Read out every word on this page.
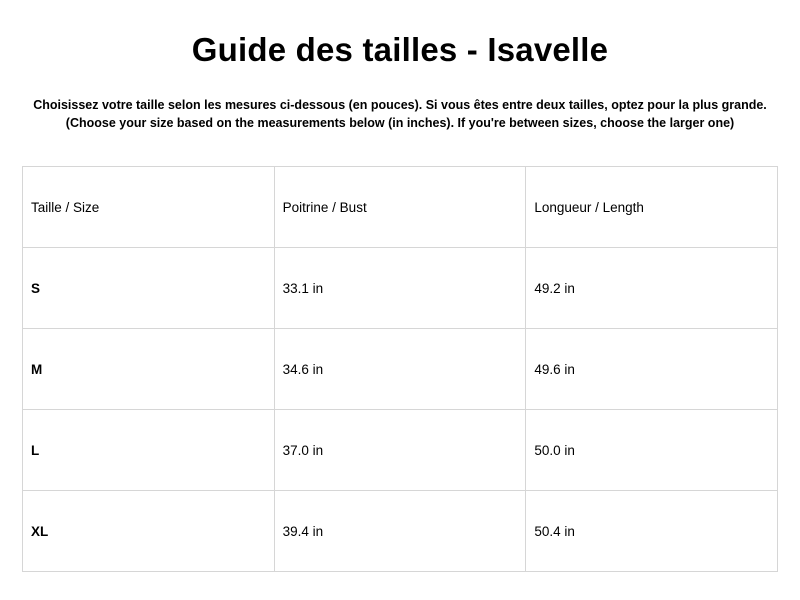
Guide des tailles - Isavelle
Choisissez votre taille selon les mesures ci-dessous (en pouces). Si vous êtes entre deux tailles, optez pour la plus grande.
(Choose your size based on the measurements below (in inches). If you're between sizes, choose the larger one)
Taille / Size	Poitrine / Bust	Longueur / Length
S	33.1 in	49.2 in
M	34.6 in	49.6 in
L	37.0 in	50.0 in
XL	39.4 in	50.4 in
